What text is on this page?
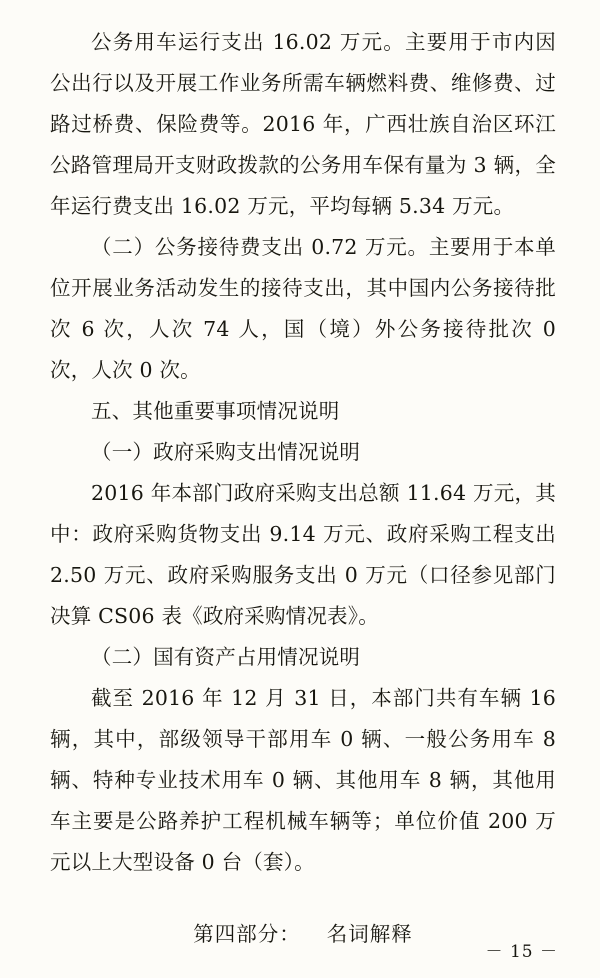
公务用车运行支出 16.02 万元。主要用于市内因公出行以及开展工作业务所需车辆燃料费、维修费、过路过桥费、保险费等。2016 年，广西壮族自治区环江公路管理局开支财政拨款的公务用车保有量为 3 辆，全年运行费支出 16.02 万元，平均每辆 5.34 万元。

（二）公务接待费支出 0.72 万元。主要用于本单位开展业务活动发生的接待支出，其中国内公务接待批次 6 次，人次 74 人，国（境）外公务接待批次 0 次，人次 0 次。

五、其他重要事项情况说明

（一）政府采购支出情况说明

2016 年本部门政府采购支出总额 11.64 万元，其中：政府采购货物支出 9.14 万元、政府采购工程支出 2.50 万元、政府采购服务支出 0 万元（口径参见部门决算 CS06 表《政府采购情况表》。

（二）国有资产占用情况说明

截至 2016 年 12 月 31 日，本部门共有车辆 16 辆，其中，部级领导干部用车 0 辆、一般公务用车 8 辆、特种专业技术用车 0 辆、其他用车 8 辆，其他用车主要是公路养护工程机械车辆等；单位价值 200 万元以上大型设备 0 台（套）。

第四部分： 名词解释
－ 15 －
